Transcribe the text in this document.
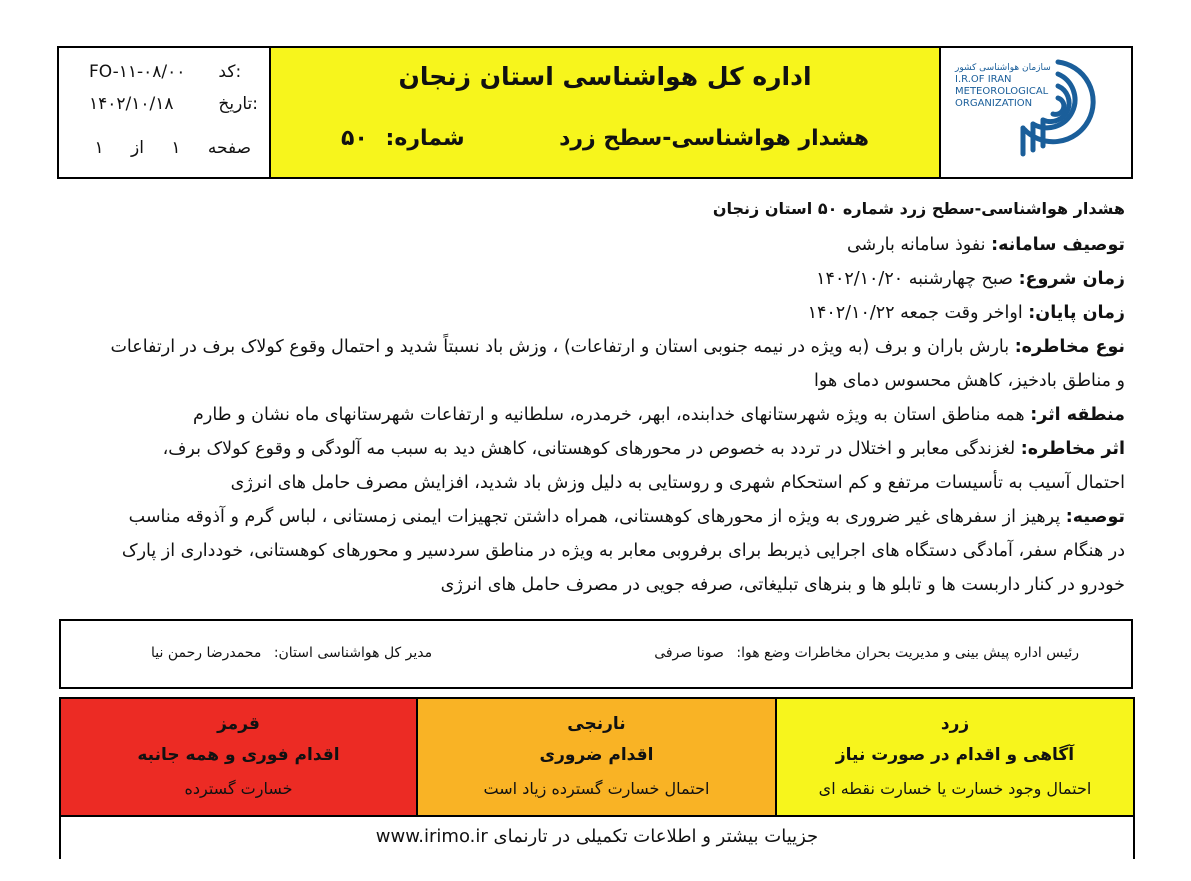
FO-۱۱-۰۸/۰۰ کد:
۱۴۰۲/۱۰/۱۸	تاریخ:
صفحه ۱ از ۱
اداره کل هواشناسی استان زنجان
هشدار هواشناسی-سطح زرد
شماره: ۵۰
سازمان هواشناسی کشور
I.R.OF IRAN
METEOROLOGICAL
ORGANIZATION
هشدار هواشناسی-سطح زرد شماره ۵۰ استان زنجان
توصیف سامانه: نفوذ سامانه بارشی
زمان شروع: صبح چهارشنبه ۱۴۰۲/۱۰/۲۰
زمان پایان: اواخر وقت جمعه ۱۴۰۲/۱۰/۲۲
نوع مخاطره: بارش باران و برف (به ویژه در نیمه جنوبی استان و ارتفاعات) ، وزش باد نسبتاً شدید و احتمال وقوع کولاک برف در ارتفاعات
و مناطق بادخیز، کاهش محسوس دمای هوا
منطقه اثر: همه مناطق استان به ویژه شهرستانهای خدابنده، ابهر، خرمدره، سلطانیه و ارتفاعات شهرستانهای ماه نشان و طارم
اثر مخاطره: لغزندگی معابر و اختلال در تردد به خصوص در محورهای کوهستانی، کاهش دید به سبب مه آلودگی و وقوع کولاک برف،
احتمال آسیب به تأسیسات مرتفع و کم استحکام شهری و روستایی به دلیل وزش باد شدید، افزایش مصرف حامل های انرژی
توصیه: پرهیز از سفرهای غیر ضروری به ویژه از محورهای کوهستانی، همراه داشتن تجهیزات ایمنی زمستانی ، لباس گرم و آذوقه مناسب
در هنگام سفر، آمادگی دستگاه های اجرایی ذیربط برای برفروبی معابر به ویژه در مناطق سردسیر و محورهای کوهستانی، خودداری از پارک
خودرو در کنار داربست ها و تابلو ها و بنرهای تبلیغاتی، صرفه جویی در مصرف حامل های انرژی
رئیس اداره پیش بینی و مدیریت بحران مخاطرات وضع هوا: صونا صرفی
مدیر کل هواشناسی استان: محمدرضا رحمن نیا
قرمز
اقدام فوری و همه جانبه
خسارت گسترده
نارنجی
اقدام ضروری
احتمال خسارت گسترده زیاد است
زرد
آگاهی و اقدام در صورت نیاز
احتمال وجود خسارت یا خسارت نقطه ای
جزییات بیشتر و اطلاعات تکمیلی در تارنمای www.irimo.ir
